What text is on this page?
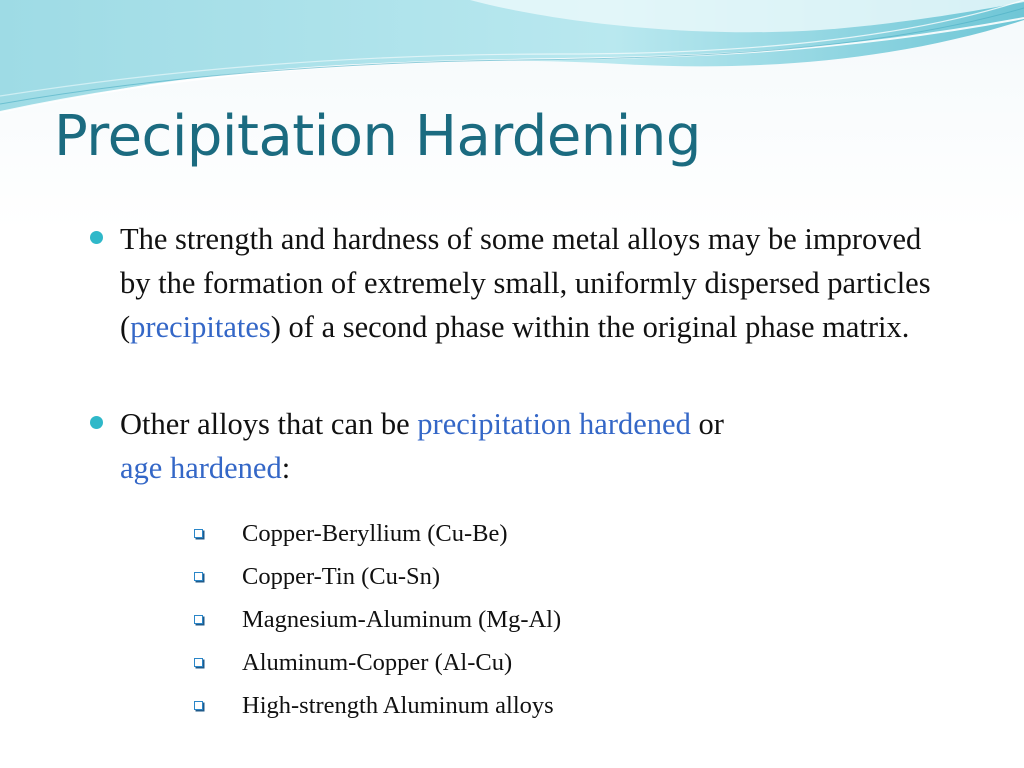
Precipitation Hardening
The strength and hardness of some metal alloys may be improved by the formation of extremely small, uniformly dispersed particles (precipitates) of a second phase within the original phase matrix.
Other alloys that can be precipitation hardened or
age hardened:
Copper-Beryllium (Cu-Be)
Copper-Tin (Cu-Sn)
Magnesium-Aluminum (Mg-Al)
Aluminum-Copper (Al-Cu)
High-strength Aluminum alloys
